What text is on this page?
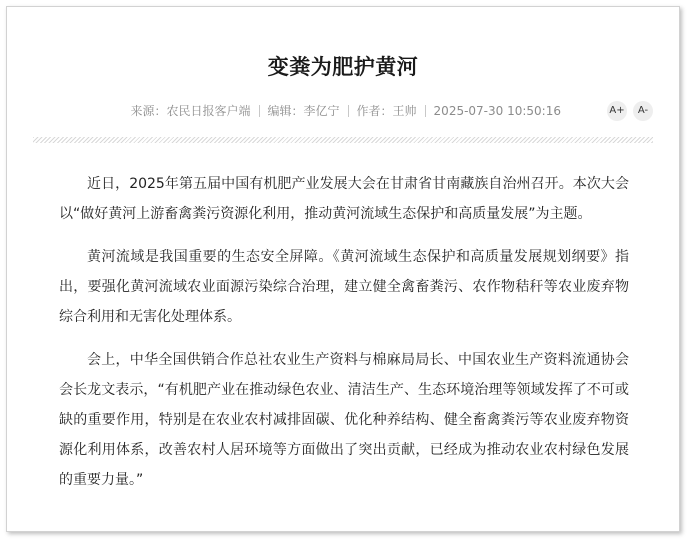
变粪为肥护黄河
来源：农民日报客户端 编辑：李亿宁 作者：王帅 2025-07-30 10:50:16	A+	A-

近日，2025年第五届中国有机肥产业发展大会在甘肃省甘南藏族自治州召开。本次大会以“做好黄河上游畜禽粪污资源化利用，推动黄河流域生态保护和高质量发展”为主题。

黄河流域是我国重要的生态安全屏障。《黄河流域生态保护和高质量发展规划纲要》指出，要强化黄河流域农业面源污染综合治理，建立健全禽畜粪污、农作物秸秆等农业废弃物综合利用和无害化处理体系。

会上，中华全国供销合作总社农业生产资料与棉麻局局长、中国农业生产资料流通协会会长龙文表示，“有机肥产业在推动绿色农业、清洁生产、生态环境治理等领域发挥了不可或缺的重要作用，特别是在农业农村减排固碳、优化种养结构、健全畜禽粪污等农业废弃物资源化利用体系，改善农村人居环境等方面做出了突出贡献，已经成为推动农业农村绿色发展的重要力量。”
